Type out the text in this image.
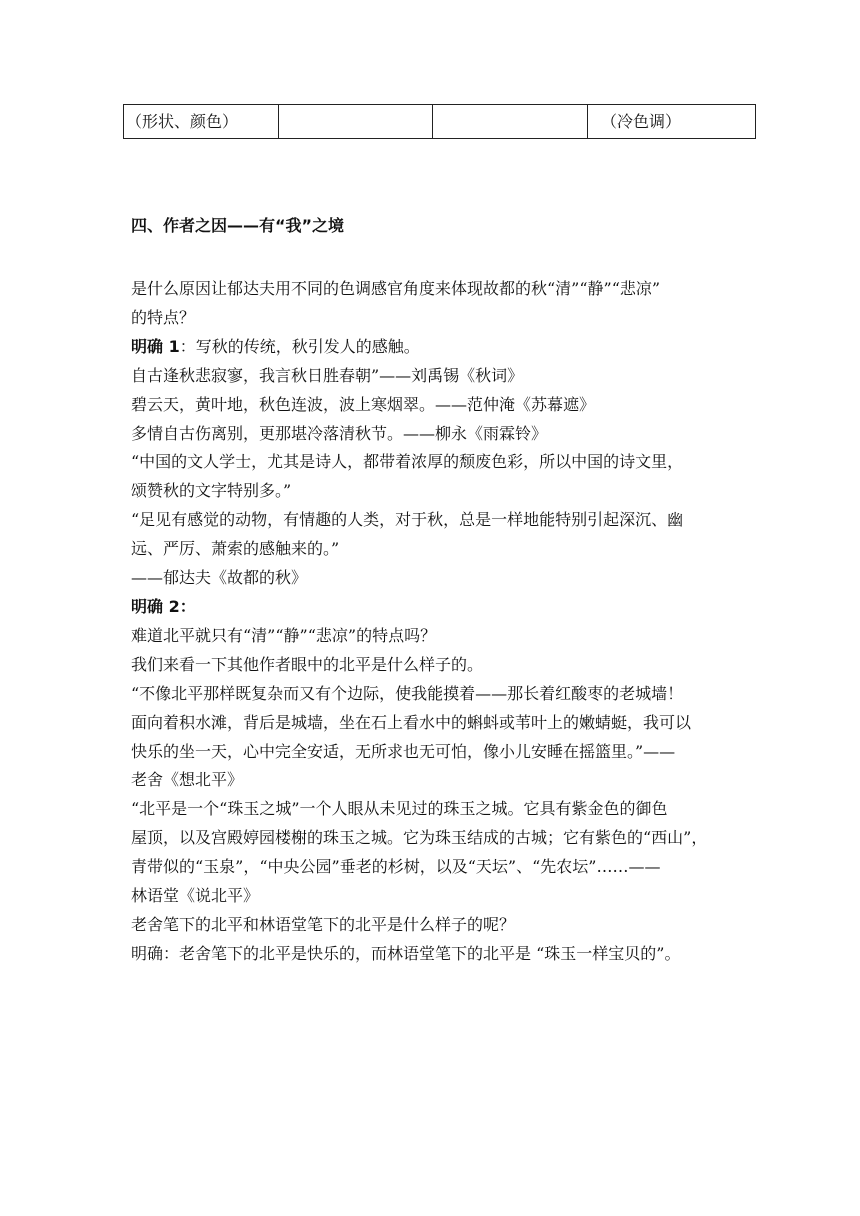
（形状、颜色）			（冷色调）
四、作者之因——有“我”之境

是什么原因让郁达夫用不同的色调感官角度来体现故都的秋“清”“静”“悲凉”

的特点？

明确 1：写秋的传统，秋引发人的感触。

自古逢秋悲寂寥，我言秋日胜春朝”——刘禹锡《秋词》

碧云天，黄叶地，秋色连波，波上寒烟翠。——范仲淹《苏幕遮》

多情自古伤离别，更那堪冷落清秋节。——柳永《雨霖铃》

“中国的文人学士，尤其是诗人，都带着浓厚的颓废色彩，所以中国的诗文里，

颂赞秋的文字特别多。”

“足见有感觉的动物，有情趣的人类，对于秋，总是一样地能特别引起深沉、幽

远、严厉、萧索的感触来的。”

——郁达夫《故都的秋》

明确 2：

难道北平就只有“清”“静”“悲凉”的特点吗？

我们来看一下其他作者眼中的北平是什么样子的。

“不像北平那样既复杂而又有个边际，使我能摸着——那长着红酸枣的老城墙！

面向着积水滩，背后是城墙，坐在石上看水中的蝌蚪或苇叶上的嫩蜻蜓，我可以

快乐的坐一天，心中完全安适，无所求也无可怕，像小儿安睡在摇篮里。”——

老舍《想北平》

“北平是一个“珠玉之城”一个人眼从未见过的珠玉之城。它具有紫金色的御色

屋顶，以及宫殿婷园楼榭的珠玉之城。它为珠玉结成的古城；它有紫色的“西山”，

青带似的“玉泉”，“中央公园”垂老的杉树，以及“天坛”、“先农坛”……——

林语堂《说北平》

老舍笔下的北平和林语堂笔下的北平是什么样子的呢？

明确：老舍笔下的北平是快乐的，而林语堂笔下的北平是 “珠玉一样宝贝的”。
